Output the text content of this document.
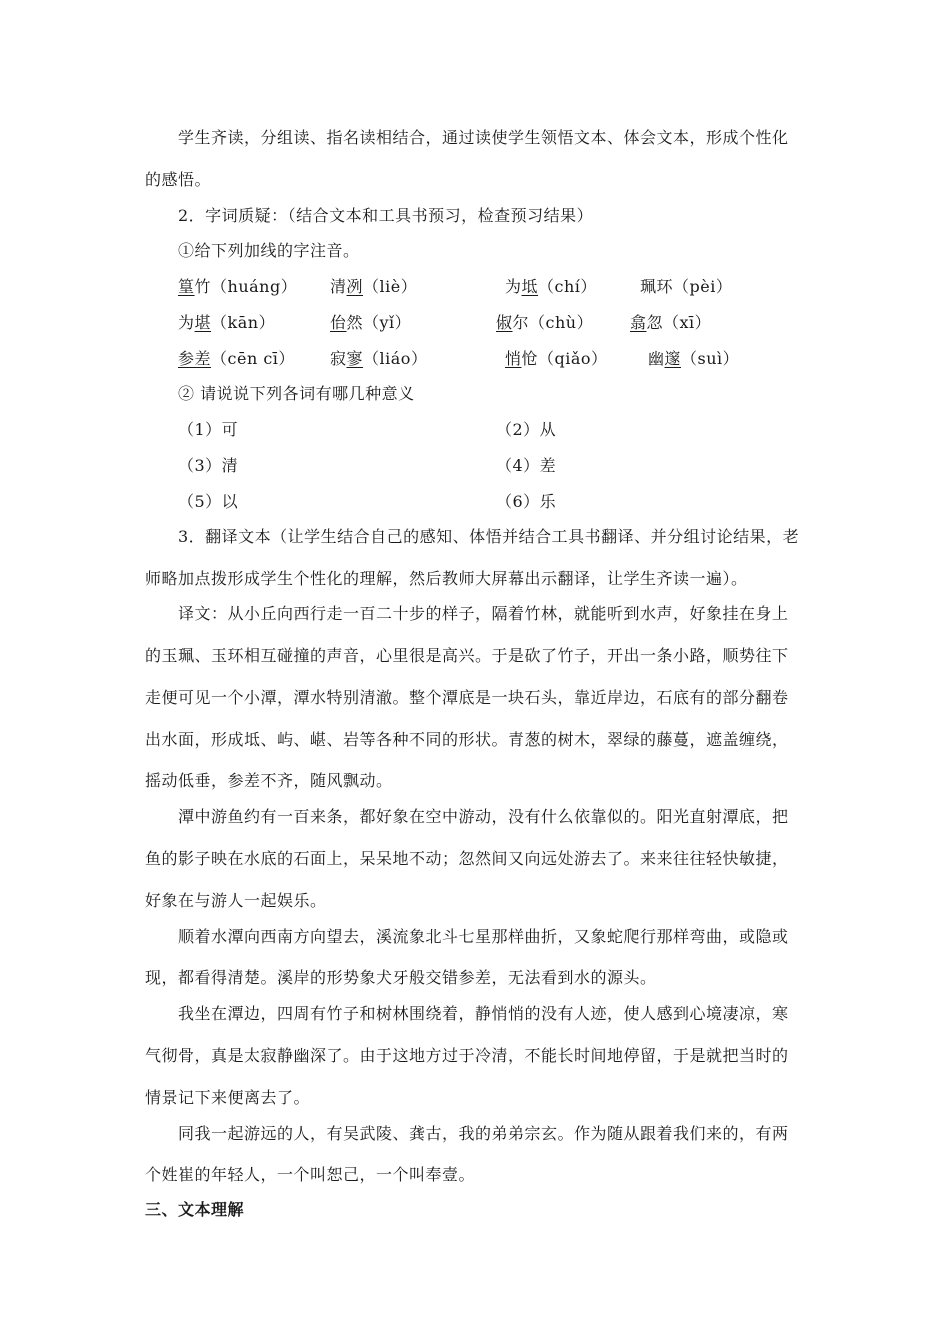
学生齐读，分组读、指名读相结合，通过读使学生领悟文本、体会文本，形成个性化
的感悟。
2．字词质疑：（结合文本和工具书预习，检查预习结果）
①给下列加线的字注音。
篁竹（huáng） 清冽（liè）	为坻（chí）	珮环（pèi）
为堪（kān）	佁然（yǐ）	俶尔（chù） 翕忽（xī）
参差（cēn cī） 寂寥（liáo）	悄怆（qiǎo）	幽邃（suì）
② 请说说下列各词有哪几种意义
（1）可	（2）从
（3）清	（4）差
（5）以	（6）乐
3．翻译文本（让学生结合自己的感知、体悟并结合工具书翻译、并分组讨论结果，老
师略加点拨形成学生个性化的理解，然后教师大屏幕出示翻译，让学生齐读一遍）。
译文：从小丘向西行走一百二十步的样子，隔着竹林，就能听到水声，好象挂在身上
的玉珮、玉环相互碰撞的声音，心里很是高兴。于是砍了竹子，开出一条小路，顺势往下
走便可见一个小潭，潭水特别清澈。整个潭底是一块石头，靠近岸边，石底有的部分翻卷
出水面，形成坻、屿、嵁、岩等各种不同的形状。青葱的树木，翠绿的藤蔓，遮盖缠绕，
摇动低垂，参差不齐，随风飘动。
潭中游鱼约有一百来条，都好象在空中游动，没有什么依靠似的。阳光直射潭底，把
鱼的影子映在水底的石面上，呆呆地不动；忽然间又向远处游去了。来来往往轻快敏捷，
好象在与游人一起娱乐。
顺着水潭向西南方向望去，溪流象北斗七星那样曲折，又象蛇爬行那样弯曲，或隐或
现，都看得清楚。溪岸的形势象犬牙般交错参差，无法看到水的源头。
我坐在潭边，四周有竹子和树林围绕着，静悄悄的没有人迹，使人感到心境凄凉，寒
气彻骨，真是太寂静幽深了。由于这地方过于冷清，不能长时间地停留，于是就把当时的
情景记下来便离去了。
同我一起游远的人，有吴武陵、龚古，我的弟弟宗玄。作为随从跟着我们来的，有两
个姓崔的年轻人，一个叫恕己，一个叫奉壹。
三、文本理解
